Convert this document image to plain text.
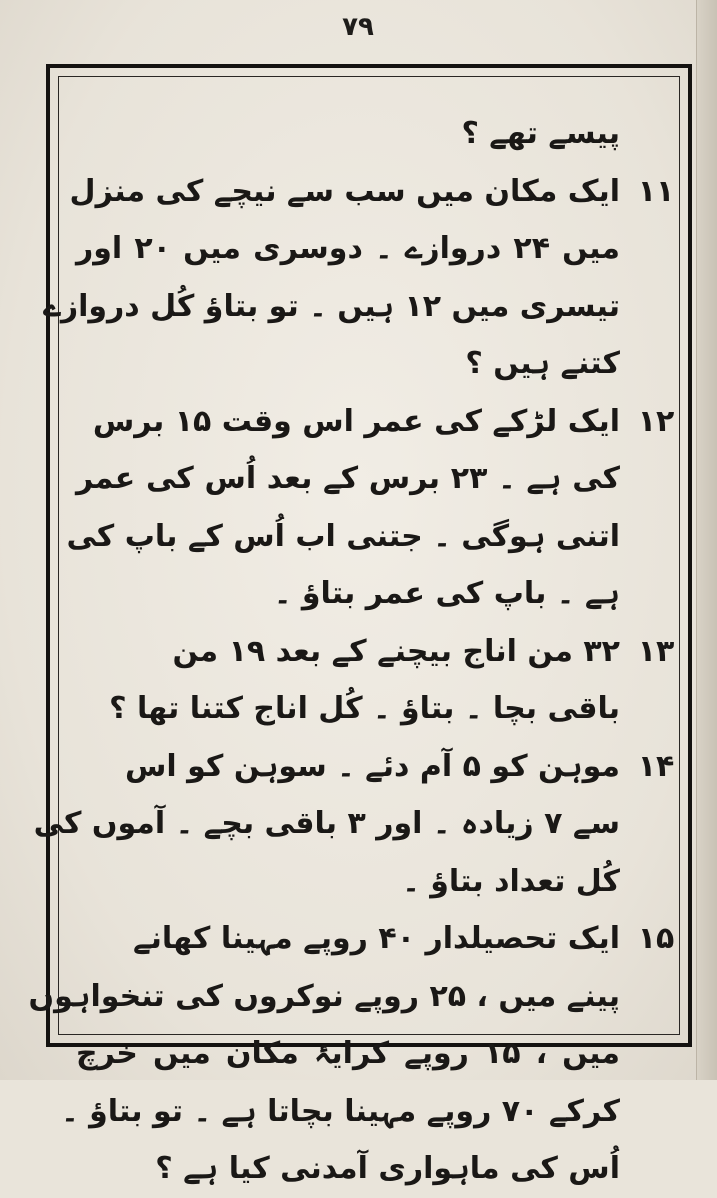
۷۹
پیسے تھے ؟
۱۱
ایک مکان میں سب سے نیچے کی منزل
میں ۲۴ دروازے ۔ دوسری میں ۲۰ اور
تیسری میں ۱۲ ہیں ۔ تو بتاؤ کُل دروازے
کتنے ہیں ؟
۱۲
ایک لڑکے کی عمر اس وقت ۱۵ برس
کی ہے ۔ ۲۳ برس کے بعد اُس کی عمر
اتنی ہوگی ۔ جتنی اب اُس کے باپ کی
ہے ۔ باپ کی عمر بتاؤ ۔
۱۳
۳۲ من اناج بیچنے کے بعد ۱۹ من
باقی بچا ۔ بتاؤ ۔ کُل اناج کتنا تھا ؟
۱۴
موہن کو ۵ آم دئے ۔ سوہن کو اس
سے ۷ زیادہ ۔ اور ۳ باقی بچے ۔ آموں کی
کُل تعداد بتاؤ ۔
۱۵
ایک تحصیلدار ۴۰ روپے مہینا کھانے
پینے میں ، ۲۵ روپے نوکروں کی تنخواہوں
میں ، ۱۵ روپے کرایۂ مکان میں خرچ
کرکے ۷۰ روپے مہینا بچاتا ہے ۔ تو بتاؤ ۔
اُس کی ماہواری آمدنی کیا ہے ؟
